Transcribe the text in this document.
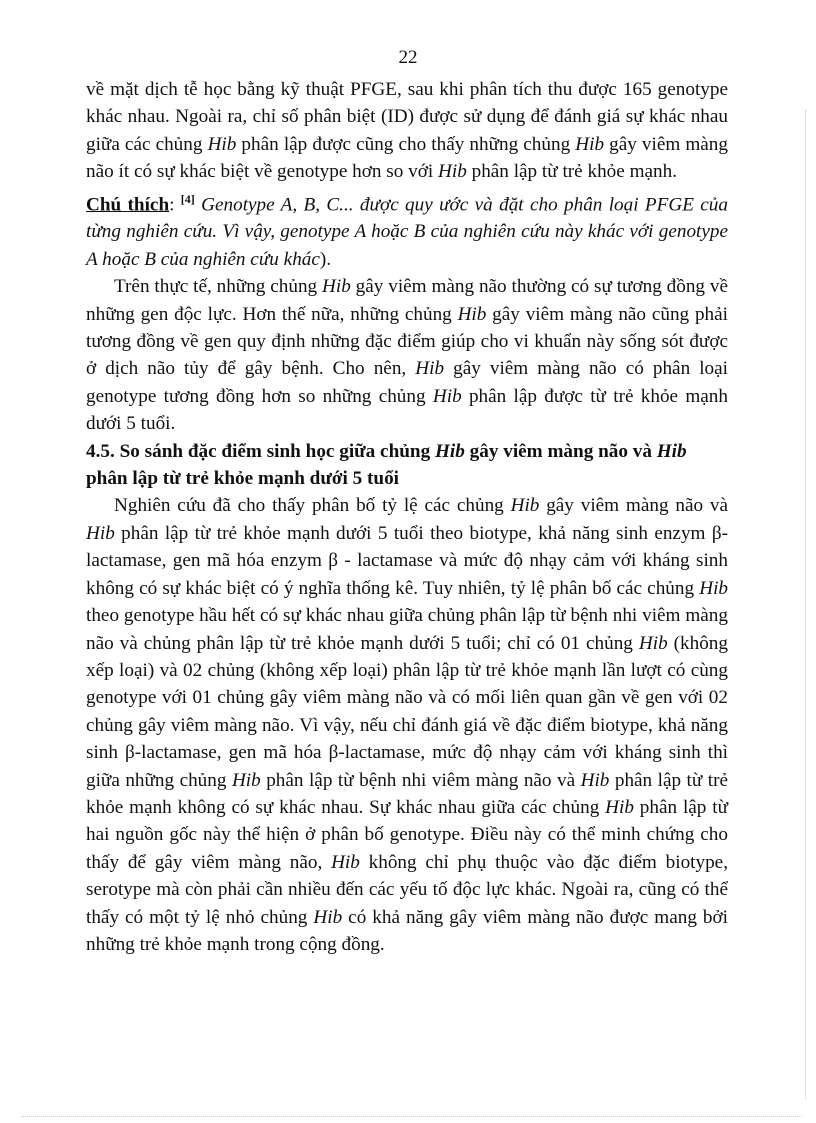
22

về mặt dịch tễ học bằng kỹ thuật PFGE, sau khi phân tích thu được 165 genotype khác nhau. Ngoài ra, chỉ số phân biệt (ID) được sử dụng để đánh giá sự khác nhau giữa các chủng Hib phân lập được cũng cho thấy những chủng Hib gây viêm màng não ít có sự khác biệt về genotype hơn so với Hib phân lập từ trẻ khỏe mạnh.

Chú thích: [4] Genotype A, B, C... được quy ước và đặt cho phân loại PFGE của từng nghiên cứu. Vì vậy, genotype A hoặc B của nghiên cứu này khác với genotype A hoặc B của nghiên cứu khác).

Trên thực tế, những chủng Hib gây viêm màng não thường có sự tương đồng về những gen độc lực. Hơn thế nữa, những chủng Hib gây viêm màng não cũng phải tương đồng về gen quy định những đặc điểm giúp cho vi khuẩn này sống sót được ở dịch não tủy để gây bệnh. Cho nên, Hib gây viêm màng não có phân loại genotype tương đồng hơn so những chủng Hib phân lập được từ trẻ khỏe mạnh dưới 5 tuổi.

4.5. So sánh đặc điểm sinh học giữa chủng Hib gây viêm màng não và Hib phân lập từ trẻ khỏe mạnh dưới 5 tuổi

Nghiên cứu đã cho thấy phân bố tỷ lệ các chủng Hib gây viêm màng não và Hib phân lập từ trẻ khỏe mạnh dưới 5 tuổi theo biotype, khả năng sinh enzym β-lactamase, gen mã hóa enzym β - lactamase và mức độ nhạy cảm với kháng sinh không có sự khác biệt có ý nghĩa thống kê. Tuy nhiên, tỷ lệ phân bố các chủng Hib theo genotype hầu hết có sự khác nhau giữa chủng phân lập từ bệnh nhi viêm màng não và chủng phân lập từ trẻ khỏe mạnh dưới 5 tuổi; chỉ có 01 chủng Hib (không xếp loại) và 02 chủng (không xếp loại) phân lập từ trẻ khỏe mạnh lần lượt có cùng genotype với 01 chủng gây viêm màng não và có mối liên quan gần về gen với 02 chủng gây viêm màng não. Vì vậy, nếu chỉ đánh giá về đặc điểm biotype, khả năng sinh β-lactamase, gen mã hóa β-lactamase, mức độ nhạy cảm với kháng sinh thì giữa những chủng Hib phân lập từ bệnh nhi viêm màng não và Hib phân lập từ trẻ khỏe mạnh không có sự khác nhau. Sự khác nhau giữa các chủng Hib phân lập từ hai nguồn gốc này thể hiện ở phân bố genotype. Điều này có thể minh chứng cho thấy để gây viêm màng não, Hib không chỉ phụ thuộc vào đặc điểm biotype, serotype mà còn phải cần nhiều đến các yếu tố độc lực khác. Ngoài ra, cũng có thể thấy có một tỷ lệ nhỏ chủng Hib có khả năng gây viêm màng não được mang bởi những trẻ khỏe mạnh trong cộng đồng.
